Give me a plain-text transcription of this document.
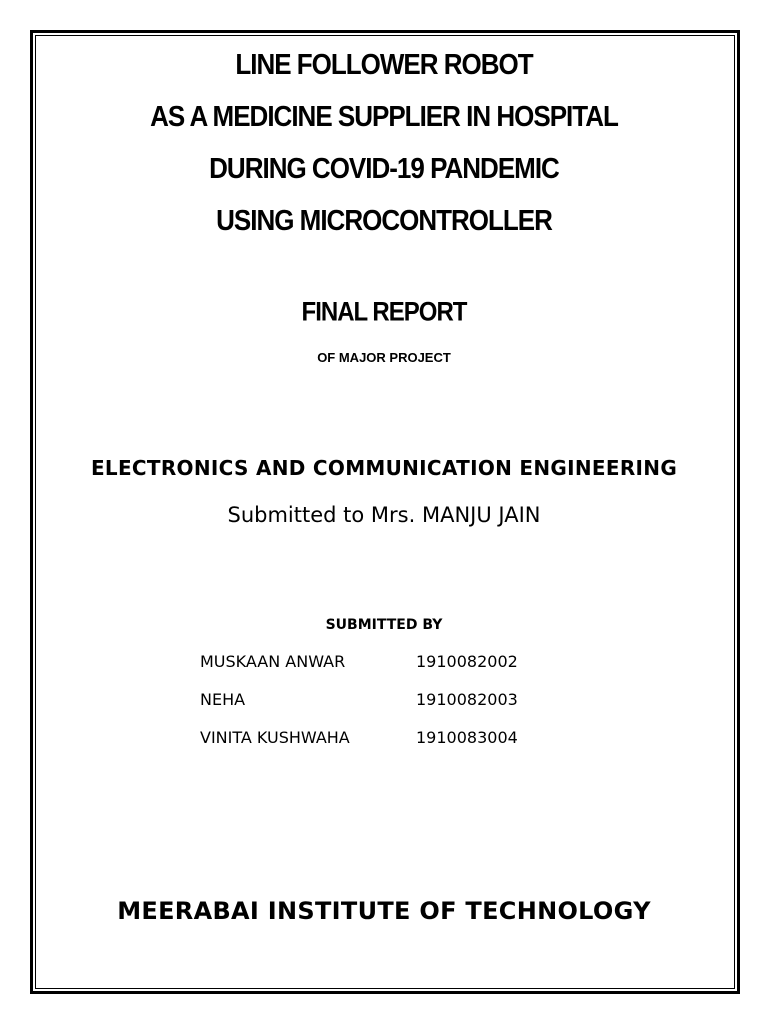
LINE FOLLOWER ROBOT
AS A MEDICINE SUPPLIER IN HOSPITAL
DURING COVID-19 PANDEMIC
USING MICROCONTROLLER
FINAL REPORT
OF MAJOR PROJECT
ELECTRONICS AND COMMUNICATION ENGINEERING
Submitted to Mrs. MANJU JAIN
SUBMITTED BY
MUSKAAN ANWAR	1910082002
NEHA	1910082003
VINITA KUSHWAHA	1910083004
MEERABAI INSTITUTE OF TECHNOLOGY
